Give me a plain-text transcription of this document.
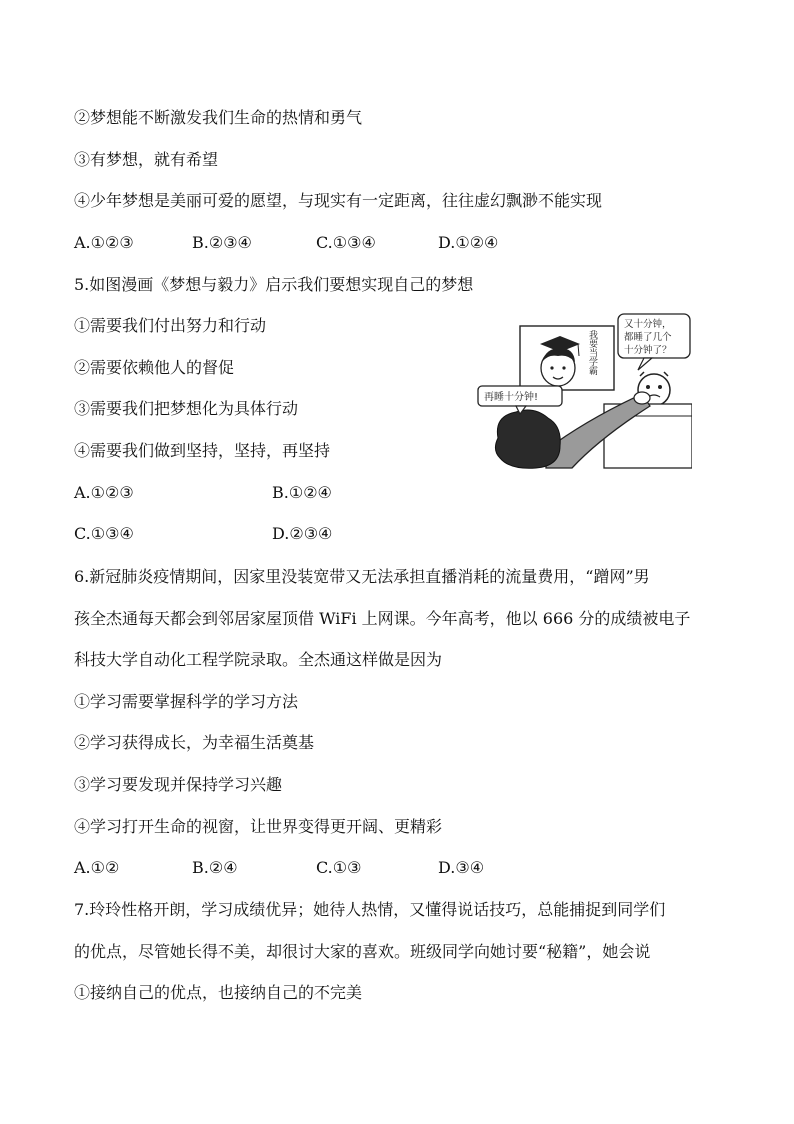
②梦想能不断激发我们生命的热情和勇气
③有梦想，就有希望
④少年梦想是美丽可爱的愿望，与现实有一定距离，往往虚幻飘渺不能实现
A.①②③	B.②③④	C.①③④	D.①②④
5.如图漫画《梦想与毅力》启示我们要想实现自己的梦想
①需要我们付出努力和行动
②需要依赖他人的督促
③需要我们把梦想化为具体行动
④需要我们做到坚持，坚持，再坚持
A.①②③	B.①②④
C.①③④	D.②③④
我要当学霸
又十分钟，
都睡了几个
十分钟了？
再睡十分钟!
6.新冠肺炎疫情期间，因家里没装宽带又无法承担直播消耗的流量费用，“蹭网”男
孩全杰通每天都会到邻居家屋顶借 WiFi 上网课。今年高考，他以 666 分的成绩被电子
科技大学自动化工程学院录取。全杰通这样做是因为
①学习需要掌握科学的学习方法
②学习获得成长，为幸福生活奠基
③学习要发现并保持学习兴趣
④学习打开生命的视窗，让世界变得更开阔、更精彩
A.①②	B.②④	C.①③	D.③④
7.玲玲性格开朗，学习成绩优异；她待人热情，又懂得说话技巧，总能捕捉到同学们
的优点，尽管她长得不美，却很讨大家的喜欢。班级同学向她讨要“秘籍”，她会说
①接纳自己的优点，也接纳自己的不完美
